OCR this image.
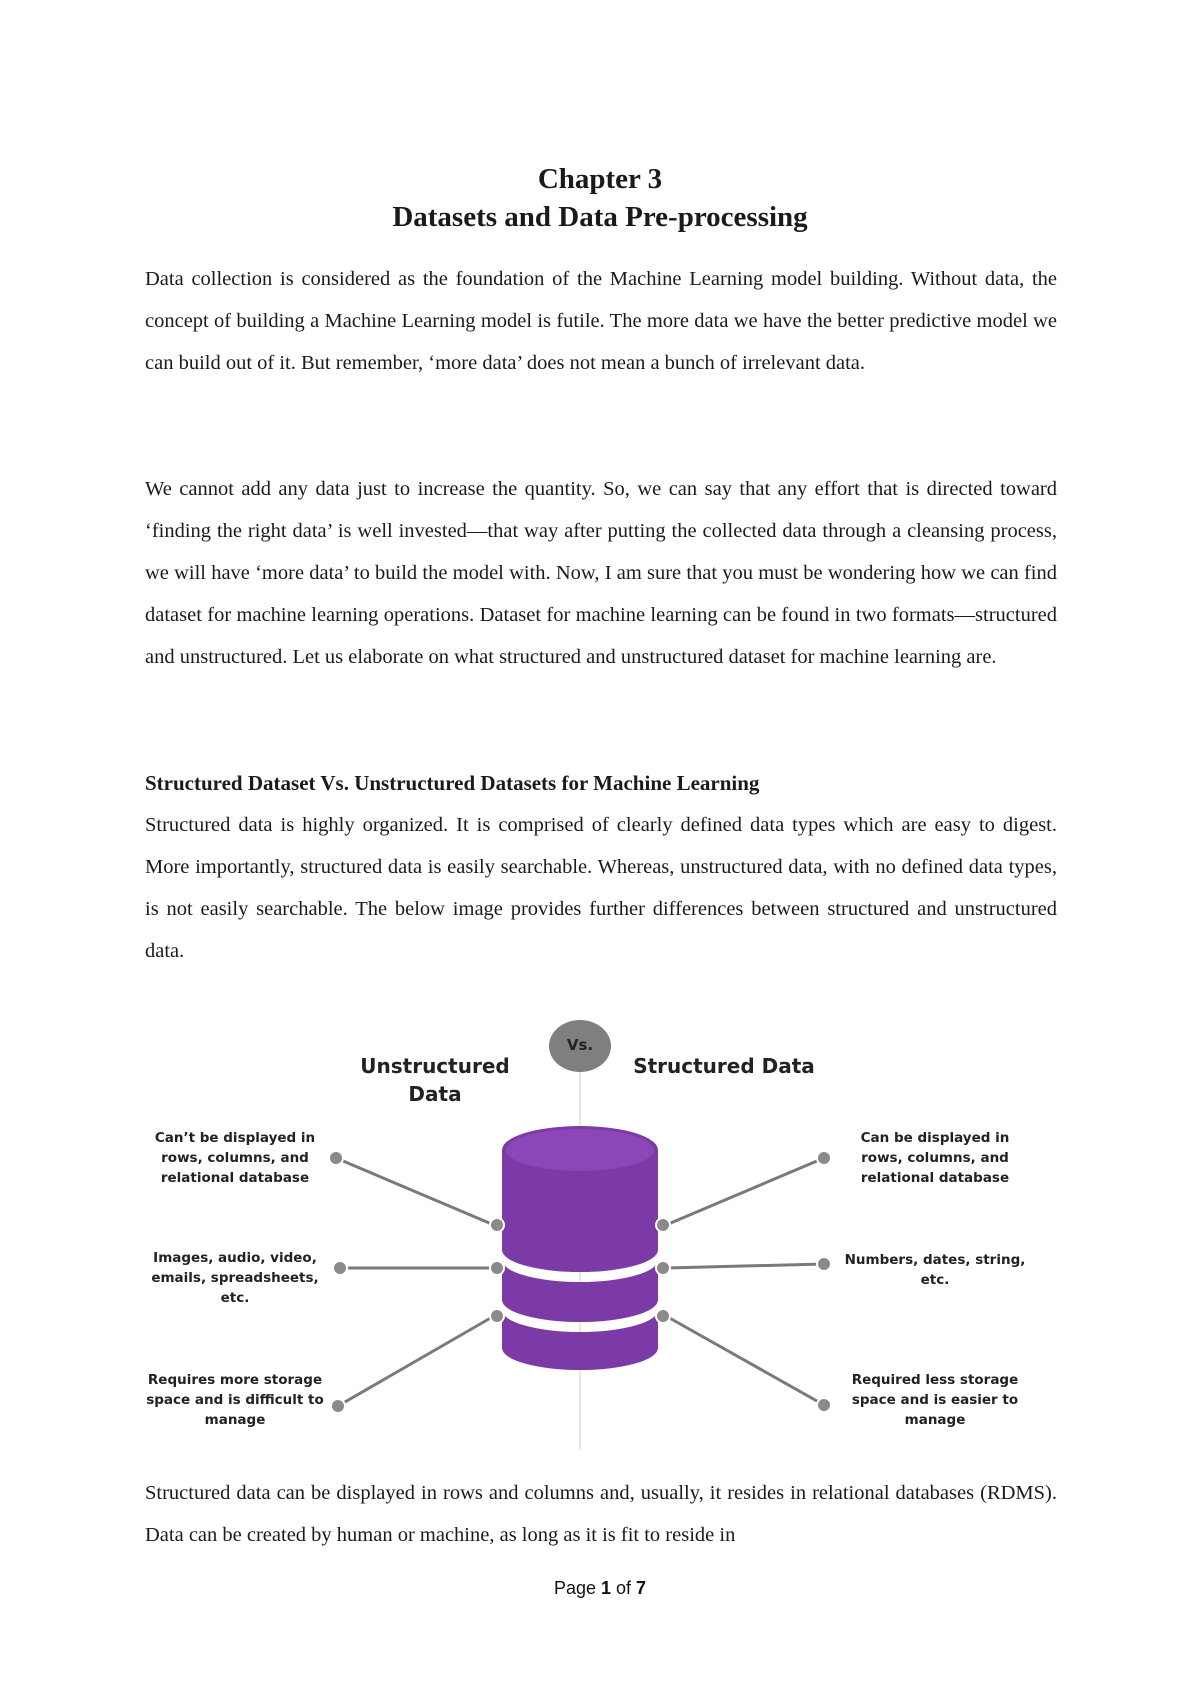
Chapter 3
Datasets and Data Pre-processing
Data collection is considered as the foundation of the Machine Learning model building. Without data, the concept of building a Machine Learning model is futile. The more data we have the better predictive model we can build out of it. But remember, ‘more data’ does not mean a bunch of irrelevant data.
We cannot add any data just to increase the quantity. So, we can say that any effort that is directed toward ‘finding the right data’ is well invested—that way after putting the collected data through a cleansing process, we will have ‘more data’ to build the model with. Now, I am sure that you must be wondering how we can find dataset for machine learning operations. Dataset for machine learning can be found in two formats—structured and unstructured. Let us elaborate on what structured and unstructured dataset for machine learning are.
Structured Dataset Vs. Unstructured Datasets for Machine Learning
Structured data is highly organized. It is comprised of clearly defined data types which are easy to digest. More importantly, structured data is easily searchable. Whereas, unstructured data, with no defined data types, is not easily searchable. The below image provides further differences between structured and unstructured data.
Vs.
Unstructured Data
Structured Data
Can’t be displayed in rows, columns, and relational database
Images, audio, video, emails, spreadsheets, etc.
Requires more storage space and is difficult to manage
Can be displayed in rows, columns, and relational database
Numbers, dates, string, etc.
Required less storage space and is easier to manage
Structured data can be displayed in rows and columns and, usually, it resides in relational databases (RDMS). Data can be created by human or machine, as long as it is fit to reside in
Page 1 of 7
